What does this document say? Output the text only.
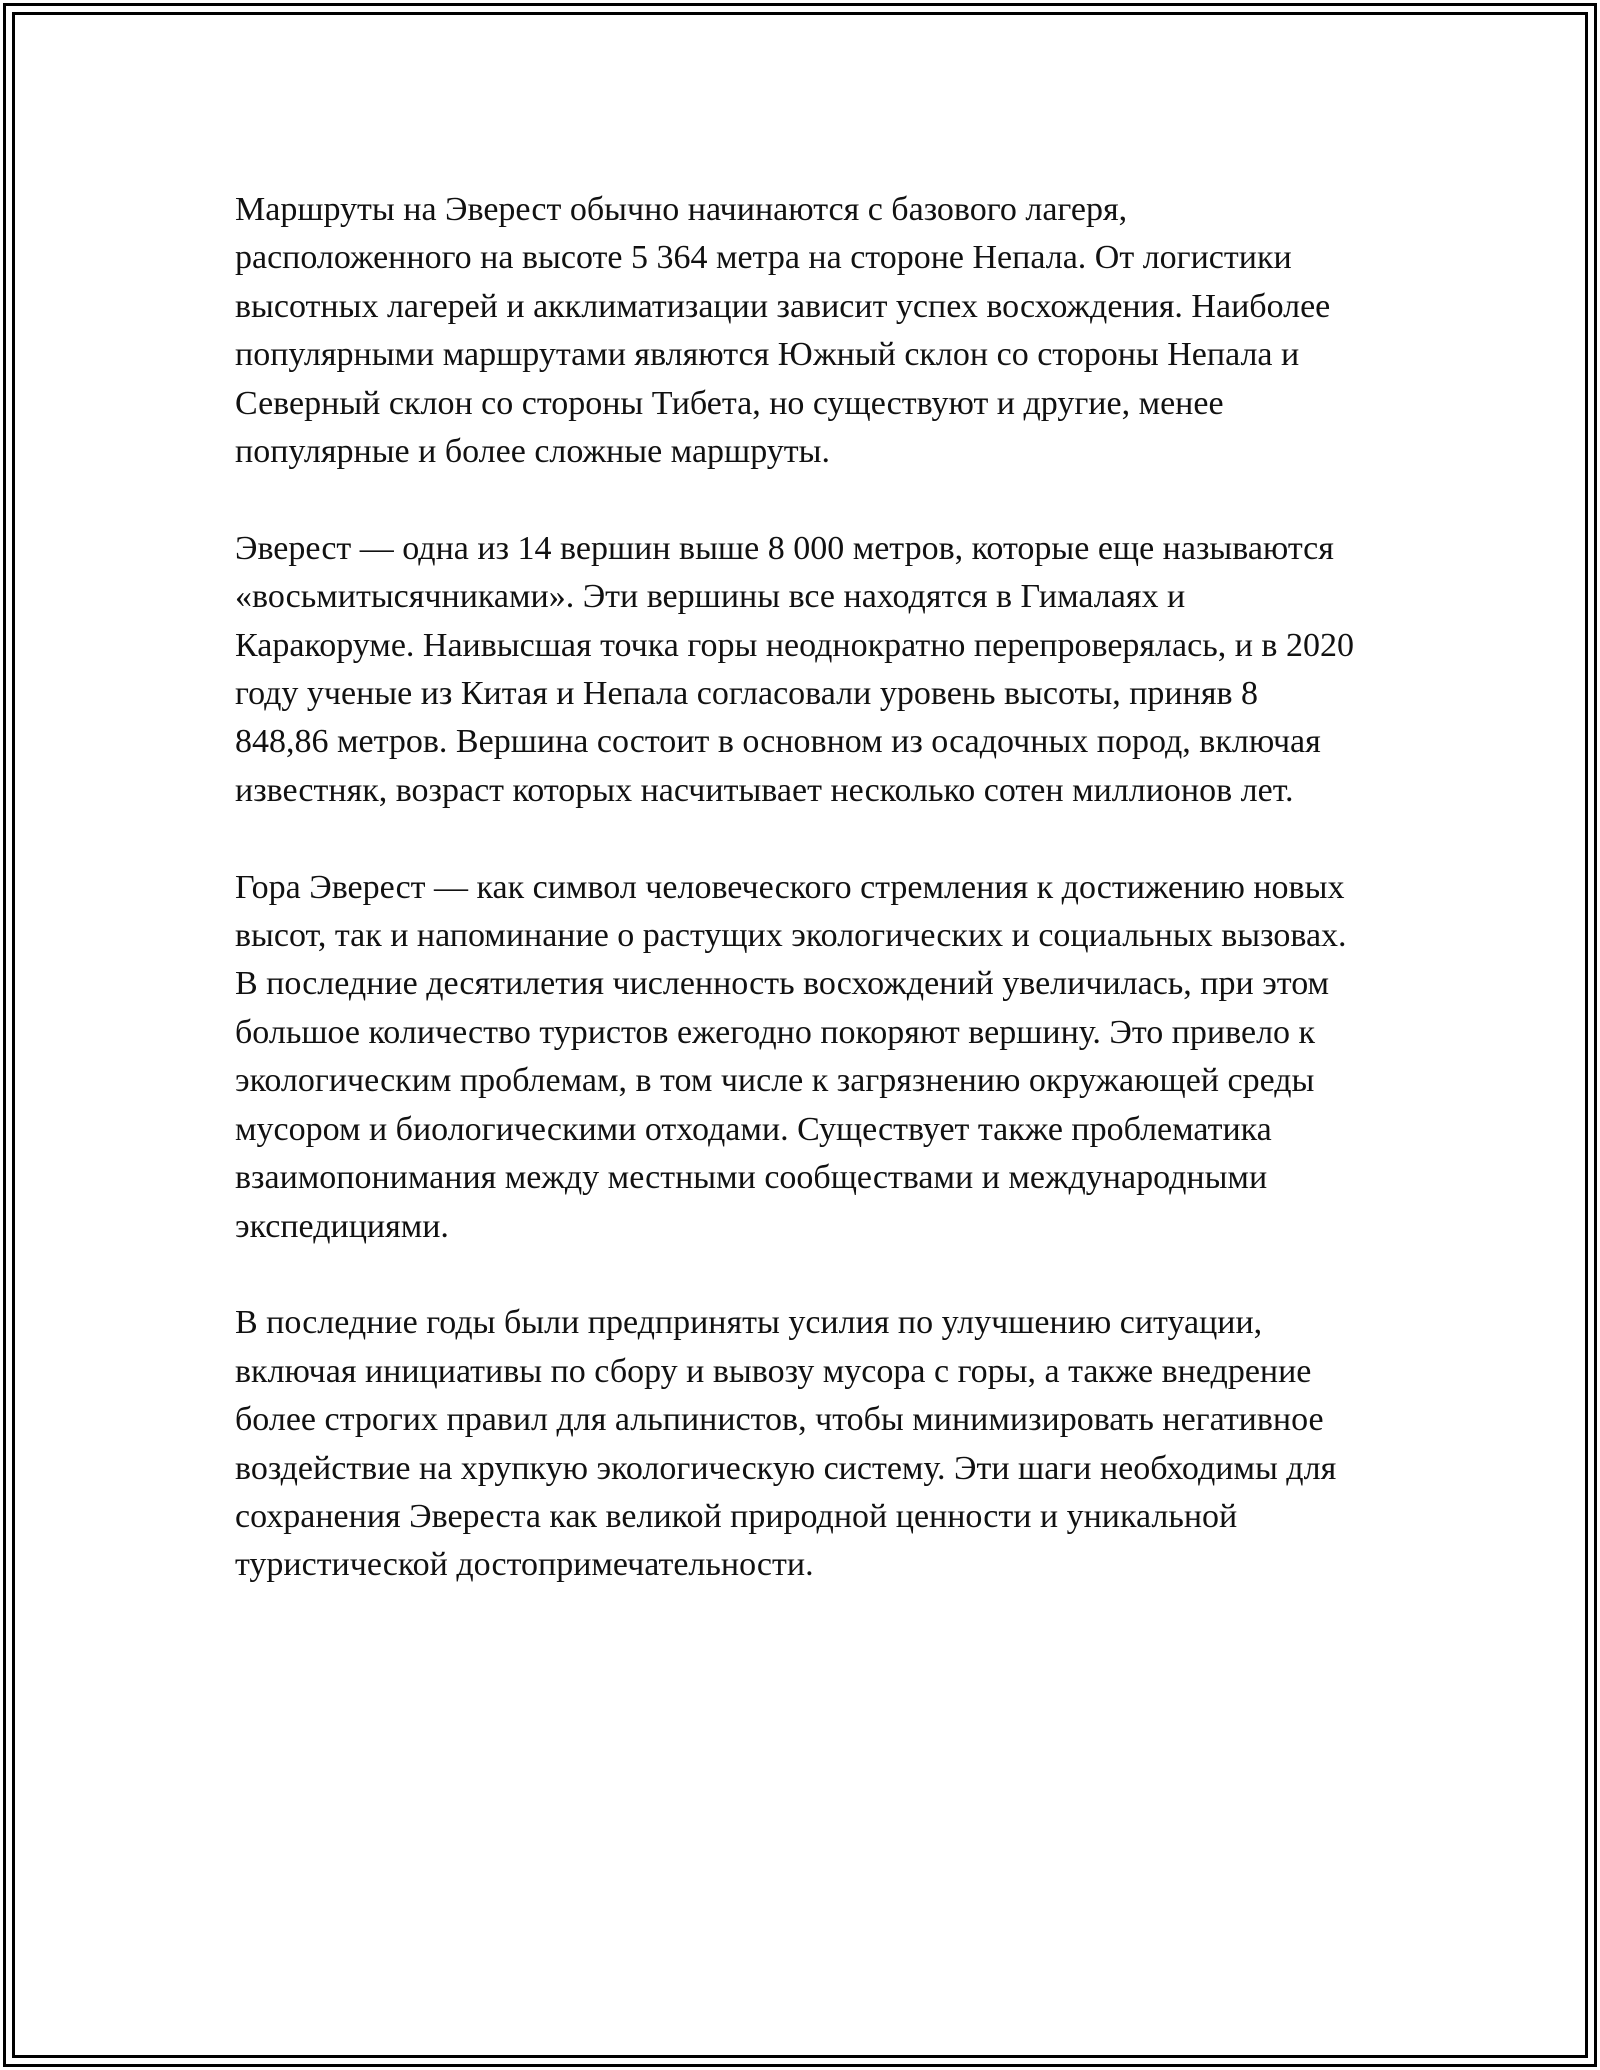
Маршруты на Эверест обычно начинаются с базового лагеря, расположенного на высоте 5 364 метра на стороне Непала. От логистики высотных лагерей и акклиматизации зависит успех восхождения. Наиболее популярными маршрутами являются Южный склон со стороны Непала и Северный склон со стороны Тибета, но существуют и другие, менее популярные и более сложные маршруты.

Эверест — одна из 14 вершин выше 8 000 метров, которые еще называются «восьмитысячниками». Эти вершины все находятся в Гималаях и Каракоруме. Наивысшая точка горы неоднократно перепроверялась, и в 2020 году ученые из Китая и Непала согласовали уровень высоты, приняв 8 848,86 метров. Вершина состоит в основном из осадочных пород, включая известняк, возраст которых насчитывает несколько сотен миллионов лет.

Гора Эверест — как символ человеческого стремления к достижению новых высот, так и напоминание о растущих экологических и социальных вызовах. В последние десятилетия численность восхождений увеличилась, при этом большое количество туристов ежегодно покоряют вершину. Это привело к экологическим проблемам, в том числе к загрязнению окружающей среды мусором и биологическими отходами. Существует также проблематика взаимопонимания между местными сообществами и международными экспедициями.

В последние годы были предприняты усилия по улучшению ситуации, включая инициативы по сбору и вывозу мусора с горы, а также внедрение более строгих правил для альпинистов, чтобы минимизировать негативное воздействие на хрупкую экологическую систему. Эти шаги необходимы для сохранения Эвереста как великой природной ценности и уникальной туристической достопримечательности.
